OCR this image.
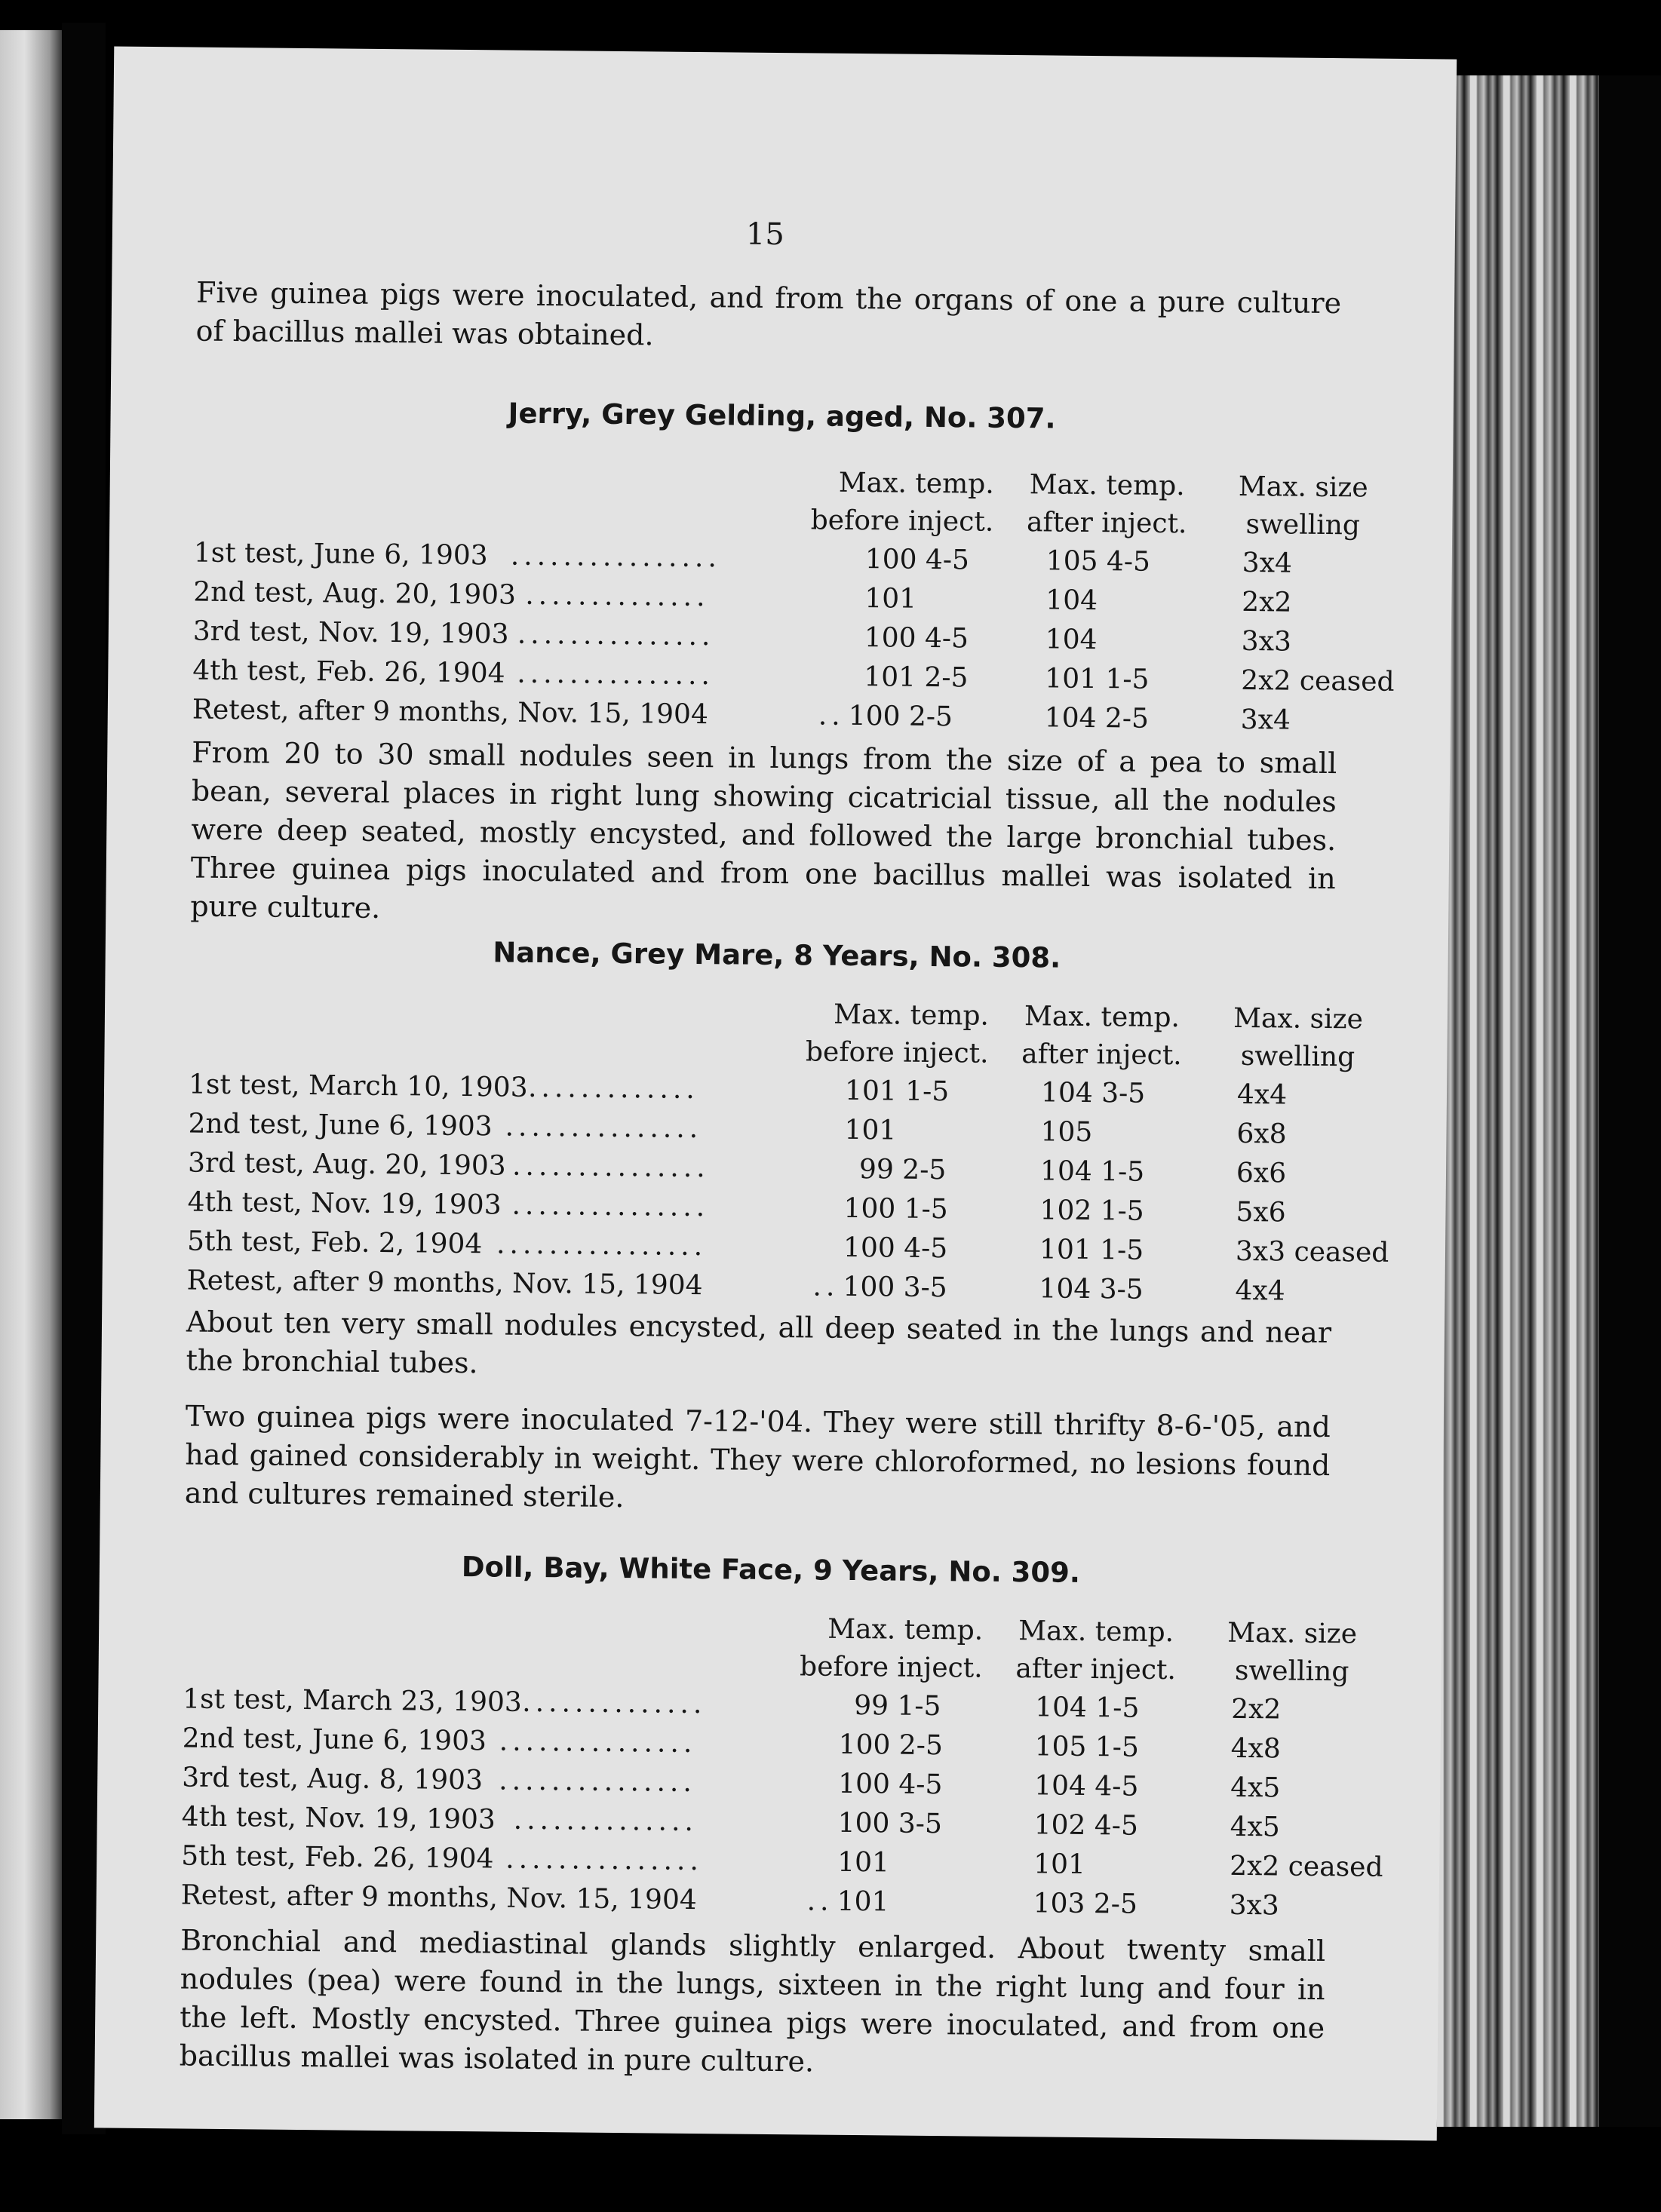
15
Five guinea pigs were inoculated, and from the organs of one a pure culture of bacillus mallei was obtained.
Jerry, Grey Gelding, aged, No. 307.
Max. temp.
before inject.
Max. temp.
after inject.
Max. size
swelling
1st test, June 6, 1903 ................	100 4-5	105 4-5	3x4
2nd test, Aug. 20, 1903 ..............	101	104	2x2
3rd test, Nov. 19, 1903 ...............	100 4-5	104	3x3
4th test, Feb. 26, 1904 ...............	101 2-5	101 1-5	2x2 ceased
Retest, after 9 months, Nov. 15, 1904	.. 100 2-5	104 2-5	3x4
From 20 to 30 small nodules seen in lungs from the size of a pea to small bean, several places in right lung showing cicatricial tissue, all the nodules were deep seated, mostly encysted, and followed the large bronchial tubes. Three guinea pigs inoculated and from one bacillus mallei was isolated in pure culture.
Nance, Grey Mare, 8 Years, No. 308.
Max. temp.
before inject.
Max. temp.
after inject.
Max. size
swelling
1st test, March 10, 1903 .............	101 1-5	104 3-5	4x4
2nd test, June 6, 1903 ...............	101	105	6x8
3rd test, Aug. 20, 1903 ...............	99 2-5	104 1-5	6x6
4th test, Nov. 19, 1903 ...............	100 1-5	102 1-5	5x6
5th test, Feb. 2, 1904 ................	100 4-5	101 1-5	3x3 ceased
Retest, after 9 months, Nov. 15, 1904	.. 100 3-5	104 3-5	4x4
About ten very small nodules encysted, all deep seated in the lungs and near the bronchial tubes.
Two guinea pigs were inoculated 7-12-'04. They were still thrifty 8-6-'05, and had gained considerably in weight. They were chloroformed, no lesions found and cultures remained sterile.
Doll, Bay, White Face, 9 Years, No. 309.
Max. temp.
before inject.
Max. temp.
after inject.
Max. size
swelling
1st test, March 23, 1903 ..............	99 1-5	104 1-5	2x2
2nd test, June 6, 1903 ...............	100 2-5	105 1-5	4x8
3rd test, Aug. 8, 1903 ...............	100 4-5	104 4-5	4x5
4th test, Nov. 19, 1903 ..............	100 3-5	102 4-5	4x5
5th test, Feb. 26, 1904 ...............	101	101	2x2 ceased
Retest, after 9 months, Nov. 15, 1904	.. 101	103 2-5	3x3
Bronchial and mediastinal glands slightly enlarged. About twenty small nodules (pea) were found in the lungs, sixteen in the right lung and four in the left. Mostly encysted. Three guinea pigs were inoculated, and from one bacillus mallei was isolated in pure culture.
